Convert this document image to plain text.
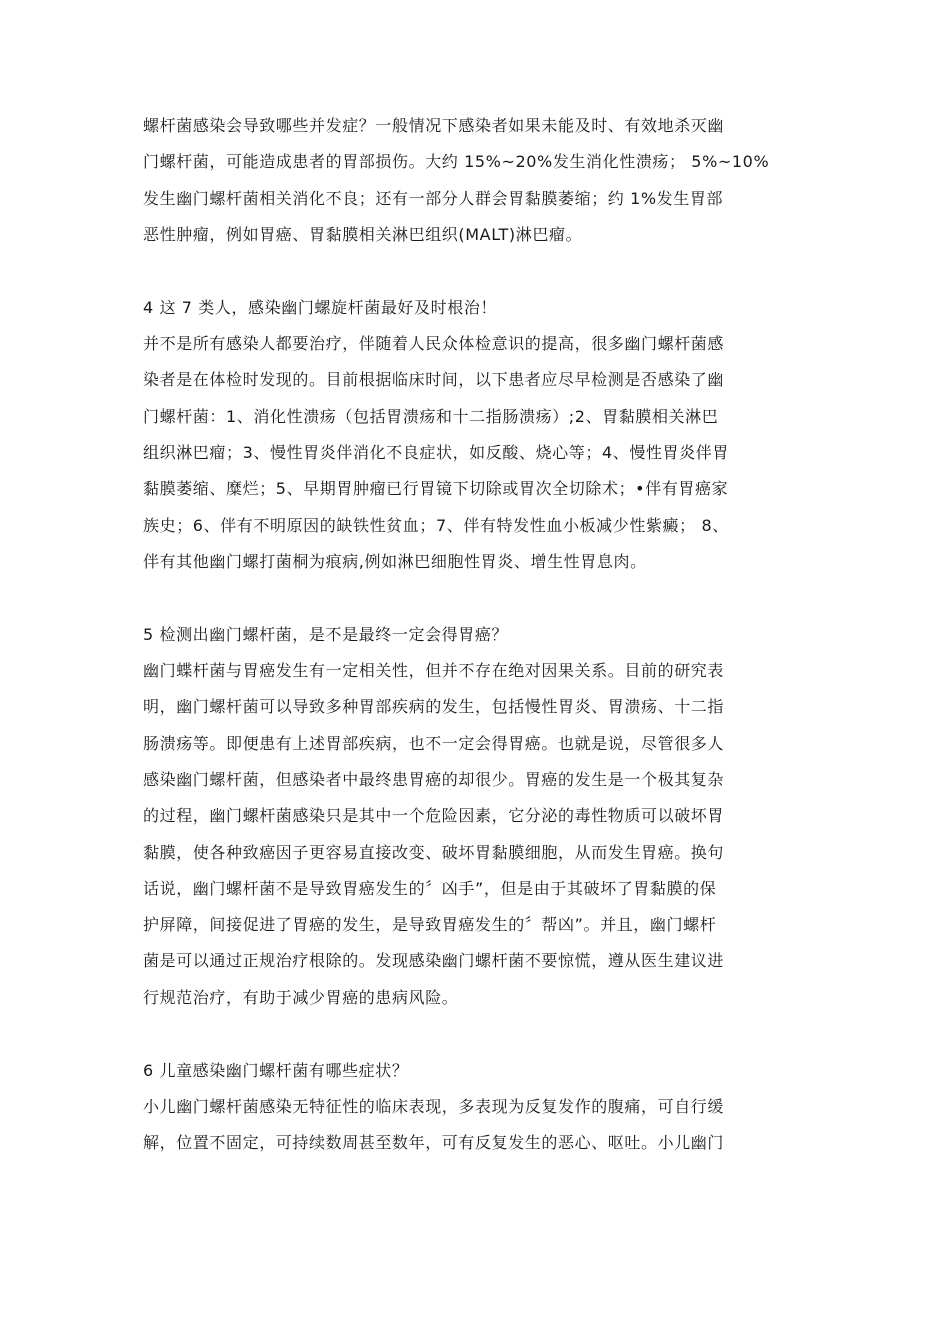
螺杆菌感染会导致哪些并发症？一般情况下感染者如果未能及时、有效地杀灭幽
门螺杆菌，可能造成患者的胃部损伤。大约 15%~20%发生消化性溃疡； 5%~10%
发生幽门螺杆菌相关消化不良；还有一部分人群会胃黏膜萎缩；约 1%发生胃部
恶性肿瘤，例如胃癌、胃黏膜相关淋巴组织(MALT)淋巴瘤。
4 这 7 类人，感染幽门螺旋杆菌最好及时根治！
并不是所有感染人都要治疗，伴随着人民众体检意识的提高，很多幽门螺杆菌感
染者是在体检时发现的。目前根据临床时间，以下患者应尽早检测是否感染了幽
门螺杆菌：1、消化性溃疡（包括胃溃疡和十二指肠溃疡）;2、胃黏膜相关淋巴
组织淋巴瘤；3、慢性胃炎伴消化不良症状，如反酸、烧心等；4、慢性胃炎伴胃
黏膜萎缩、糜烂；5、早期胃肿瘤已行胃镜下切除或胃次全切除术；•伴有胃癌家
族史；6、伴有不明原因的缺铁性贫血；7、伴有特发性血小板减少性紫癜； 8、
伴有其他幽门螺打菌桐为痕病,例如淋巴细胞性胃炎、增生性胃息肉。
5 检测出幽门螺杆菌，是不是最终一定会得胃癌？
幽门蝶杆菌与胃癌发生有一定相关性，但并不存在绝对因果关系。目前的研究表
明，幽门螺杆菌可以导致多种胃部疾病的发生，包括慢性胃炎、胃溃疡、十二指
肠溃疡等。即便患有上述胃部疾病，也不一定会得胃癌。也就是说，尽管很多人
感染幽门螺杆菌，但感染者中最终患胃癌的却很少。胃癌的发生是一个极其复杂
的过程，幽门螺杆菌感染只是其中一个危险因素，它分泌的毒性物质可以破坏胃
黏膜，使各种致癌因子更容易直接改变、破坏胃黏膜细胞，从而发生胃癌。换句
话说，幽门螺杆菌不是导致胃癌发生的〞凶手”，但是由于其破坏了胃黏膜的保
护屏障，间接促进了胃癌的发生，是导致胃癌发生的〞帮凶”。并且，幽门螺杆
菌是可以通过正规治疗根除的。发现感染幽门螺杆菌不要惊慌，遵从医生建议进
行规范治疗，有助于减少胃癌的患病风险。
6 儿童感染幽门螺杆菌有哪些症状？
小儿幽门螺杆菌感染无特征性的临床表现，多表现为反复发作的腹痛，可自行缓
解，位置不固定，可持续数周甚至数年，可有反复发生的恶心、呕吐。小儿幽门
